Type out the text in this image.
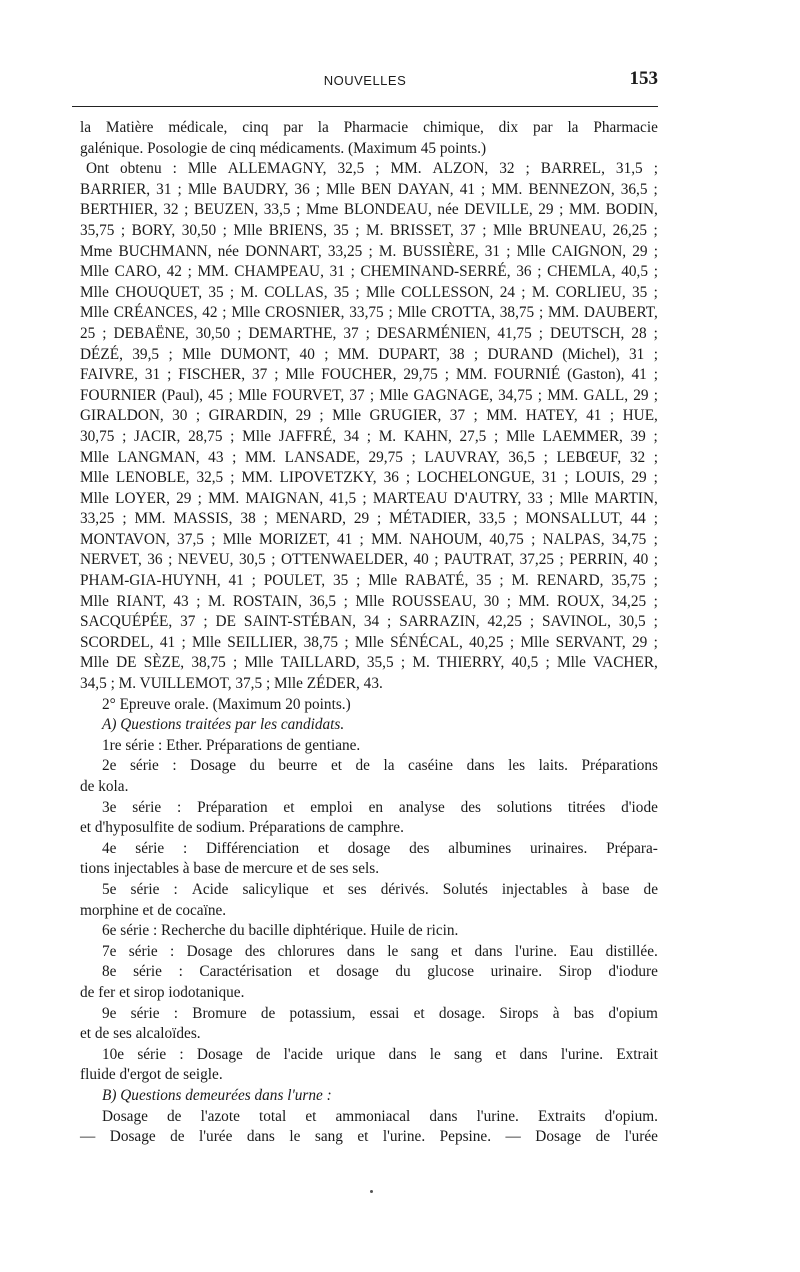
NOUVELLES	153
la Matière médicale, cinq par la Pharmacie chimique, dix par la Pharmacie
galénique. Posologie de cinq médicaments. (Maximum 45 points.)
Ont obtenu : Mlle ALLEMAGNY, 32,5 ; MM. ALZON, 32 ; BARREL, 31,5 ;
BARRIER, 31 ; Mlle BAUDRY, 36 ; Mlle BEN DAYAN, 41 ; MM. BENNEZON, 36,5 ;
BERTHIER, 32 ; BEUZEN, 33,5 ; Mme BLONDEAU, née DEVILLE, 29 ; MM. BODIN,
35,75 ; BORY, 30,50 ; Mlle BRIENS, 35 ; M. BRISSET, 37 ; Mlle BRUNEAU, 26,25 ;
Mme BUCHMANN, née DONNART, 33,25 ; M. BUSSIÈRE, 31 ; Mlle CAIGNON, 29 ;
Mlle CARO, 42 ; MM. CHAMPEAU, 31 ; CHEMINAND-SERRÉ, 36 ; CHEMLA, 40,5 ;
Mlle CHOUQUET, 35 ; M. COLLAS, 35 ; Mlle COLLESSON, 24 ; M. CORLIEU, 35 ;
Mlle CRÉANCES, 42 ; Mlle CROSNIER, 33,75 ; Mlle CROTTA, 38,75 ; MM. DAUBERT,
25 ; DEBAËNE, 30,50 ; DEMARTHE, 37 ; DESARMÉNIEN, 41,75 ; DEUTSCH, 28 ;
DÉZÉ, 39,5 ; Mlle DUMONT, 40 ; MM. DUPART, 38 ; DURAND (Michel), 31 ;
FAIVRE, 31 ; FISCHER, 37 ; Mlle FOUCHER, 29,75 ; MM. FOURNIÉ (Gaston), 41 ;
FOURNIER (Paul), 45 ; Mlle FOURVET, 37 ; Mlle GAGNAGE, 34,75 ; MM. GALL, 29 ;
GIRALDON, 30 ; GIRARDIN, 29 ; Mlle GRUGIER, 37 ; MM. HATEY, 41 ; HUE,
30,75 ; JACIR, 28,75 ; Mlle JAFFRÉ, 34 ; M. KAHN, 27,5 ; Mlle LAEMMER, 39 ;
Mlle LANGMAN, 43 ; MM. LANSADE, 29,75 ; LAUVRAY, 36,5 ; LEBŒUF, 32 ;
Mlle LENOBLE, 32,5 ; MM. LIPOVETZKY, 36 ; LOCHELONGUE, 31 ; LOUIS, 29 ;
Mlle LOYER, 29 ; MM. MAIGNAN, 41,5 ; MARTEAU D'AUTRY, 33 ; Mlle MARTIN,
33,25 ; MM. MASSIS, 38 ; MENARD, 29 ; MÉTADIER, 33,5 ; MONSALLUT, 44 ;
MONTAVON, 37,5 ; Mlle MORIZET, 41 ; MM. NAHOUM, 40,75 ; NALPAS, 34,75 ;
NERVET, 36 ; NEVEU, 30,5 ; OTTENWAELDER, 40 ; PAUTRAT, 37,25 ; PERRIN, 40 ;
PHAM-GIA-HUYNH, 41 ; POULET, 35 ; Mlle RABATÉ, 35 ; M. RENARD, 35,75 ;
Mlle RIANT, 43 ; M. ROSTAIN, 36,5 ; Mlle ROUSSEAU, 30 ; MM. ROUX, 34,25 ;
SACQUÉPÉE, 37 ; DE SAINT-STÉBAN, 34 ; SARRAZIN, 42,25 ; SAVINOL, 30,5 ;
SCORDEL, 41 ; Mlle SEILLIER, 38,75 ; Mlle SÉNÉCAL, 40,25 ; Mlle SERVANT, 29 ;
Mlle DE SÈZE, 38,75 ; Mlle TAILLARD, 35,5 ; M. THIERRY, 40,5 ; Mlle VACHER,
34,5 ; M. VUILLEMOT, 37,5 ; Mlle ZÉDER, 43.
2° Epreuve orale. (Maximum 20 points.)
A) Questions traitées par les candidats.
1re série : Ether. Préparations de gentiane.
2e série : Dosage du beurre et de la caséine dans les laits. Préparations
de kola.
3e série : Préparation et emploi en analyse des solutions titrées d'iode
et d'hyposulfite de sodium. Préparations de camphre.
4e série : Différenciation et dosage des albumines urinaires. Prépara-
tions injectables à base de mercure et de ses sels.
5e série : Acide salicylique et ses dérivés. Solutés injectables à base de
morphine et de cocaïne.
6e série : Recherche du bacille diphtérique. Huile de ricin.
7e série : Dosage des chlorures dans le sang et dans l'urine. Eau distillée.
8e série : Caractérisation et dosage du glucose urinaire. Sirop d'iodure
de fer et sirop iodotanique.
9e série : Bromure de potassium, essai et dosage. Sirops à bas d'opium
et de ses alcaloïdes.
10e série : Dosage de l'acide urique dans le sang et dans l'urine. Extrait
fluide d'ergot de seigle.
B) Questions demeurées dans l'urne :
Dosage de l'azote total et ammoniacal dans l'urine. Extraits d'opium.
— Dosage de l'urée dans le sang et l'urine. Pepsine. — Dosage de l'urée
